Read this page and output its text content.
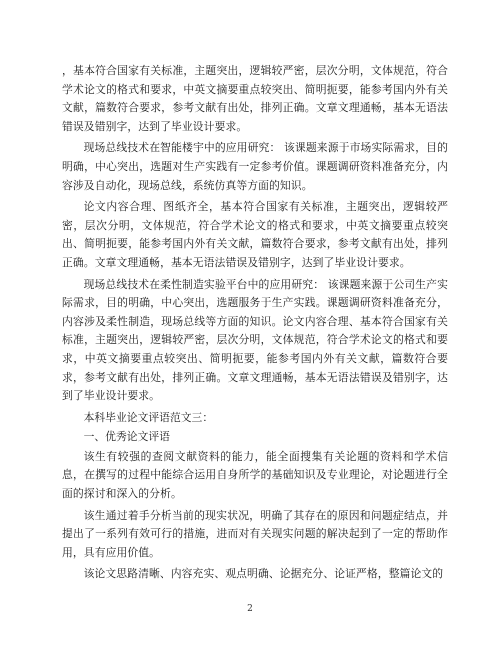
，基本符合国家有关标准，主题突出，逻辑较严密，层次分明，文体规范，符合学术论文的格式和要求，中英文摘要重点较突出、简明扼要，能参考国内外有关文献，篇数符合要求，参考文献有出处，排列正确。文章文理通畅，基本无语法错误及错别字，达到了毕业设计要求。

现场总线技术在智能楼宇中的应用研究： 该课题来源于市场实际需求，目的明确，中心突出，选题对生产实践有一定参考价值。课题调研资料准备充分，内容涉及自动化，现场总线，系统仿真等方面的知识。

论文内容合理、图纸齐全，基本符合国家有关标准，主题突出，逻辑较严密，层次分明，文体规范，符合学术论文的格式和要求，中英文摘要重点较突出、简明扼要，能参考国内外有关文献，篇数符合要求，参考文献有出处，排列正确。文章文理通畅，基本无语法错误及错别字，达到了毕业设计要求。

现场总线技术在柔性制造实验平台中的应用研究： 该课题来源于公司生产实际需求，目的明确，中心突出，选题服务于生产实践。课题调研资料准备充分，内容涉及柔性制造，现场总线等方面的知识。论文内容合理、基本符合国家有关标准，主题突出，逻辑较严密，层次分明，文体规范，符合学术论文的格式和要求，中英文摘要重点较突出、简明扼要，能参考国内外有关文献，篇数符合要求，参考文献有出处，排列正确。文章文理通畅，基本无语法错误及错别字，达到了毕业设计要求。

本科毕业论文评语范文三：

一、优秀论文评语

该生有较强的查阅文献资料的能力，能全面搜集有关论题的资料和学术信息，在撰写的过程中能综合运用自身所学的基础知识及专业理论，对论题进行全面的探讨和深入的分析。

该生通过着手分析当前的现实状况，明确了其存在的原因和问题症结点，并提出了一系列有效可行的措施，进而对有关现实问题的解决起到了一定的帮助作用，具有应用价值。

该论文思路清晰、内容充实、观点明确、论据充分、论证严格，整篇论文的

2
